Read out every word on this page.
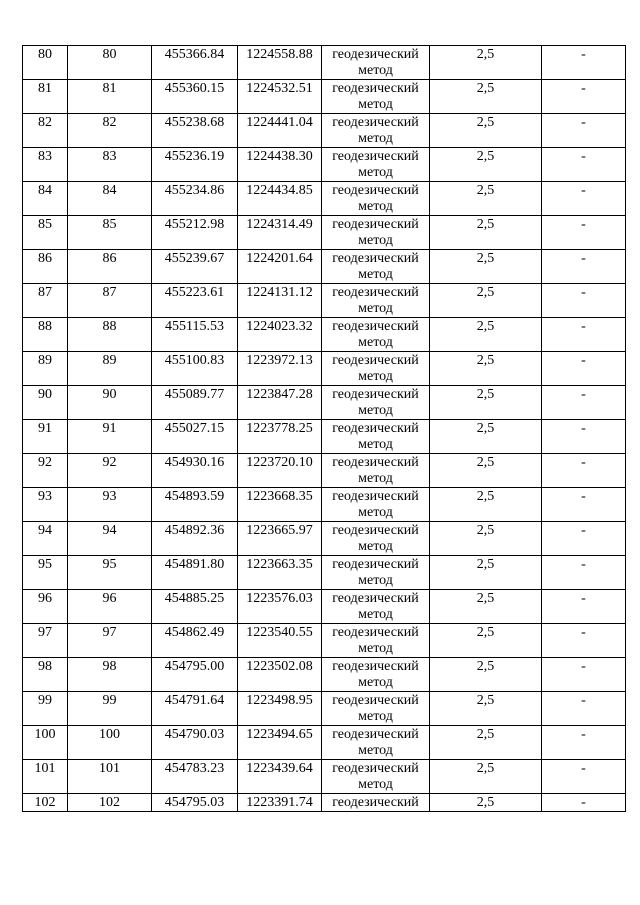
80	80	455366.84	1224558.88	геодезический метод	2,5	-
81	81	455360.15	1224532.51	геодезический метод	2,5	-
82	82	455238.68	1224441.04	геодезический метод	2,5	-
83	83	455236.19	1224438.30	геодезический метод	2,5	-
84	84	455234.86	1224434.85	геодезический метод	2,5	-
85	85	455212.98	1224314.49	геодезический метод	2,5	-
86	86	455239.67	1224201.64	геодезический метод	2,5	-
87	87	455223.61	1224131.12	геодезический метод	2,5	-
88	88	455115.53	1224023.32	геодезический метод	2,5	-
89	89	455100.83	1223972.13	геодезический метод	2,5	-
90	90	455089.77	1223847.28	геодезический метод	2,5	-
91	91	455027.15	1223778.25	геодезический метод	2,5	-
92	92	454930.16	1223720.10	геодезический метод	2,5	-
93	93	454893.59	1223668.35	геодезический метод	2,5	-
94	94	454892.36	1223665.97	геодезический метод	2,5	-
95	95	454891.80	1223663.35	геодезический метод	2,5	-
96	96	454885.25	1223576.03	геодезический метод	2,5	-
97	97	454862.49	1223540.55	геодезический метод	2,5	-
98	98	454795.00	1223502.08	геодезический метод	2,5	-
99	99	454791.64	1223498.95	геодезический метод	2,5	-
100	100	454790.03	1223494.65	геодезический метод	2,5	-
101	101	454783.23	1223439.64	геодезический метод	2,5	-
102	102	454795.03	1223391.74	геодезический	2,5	-
